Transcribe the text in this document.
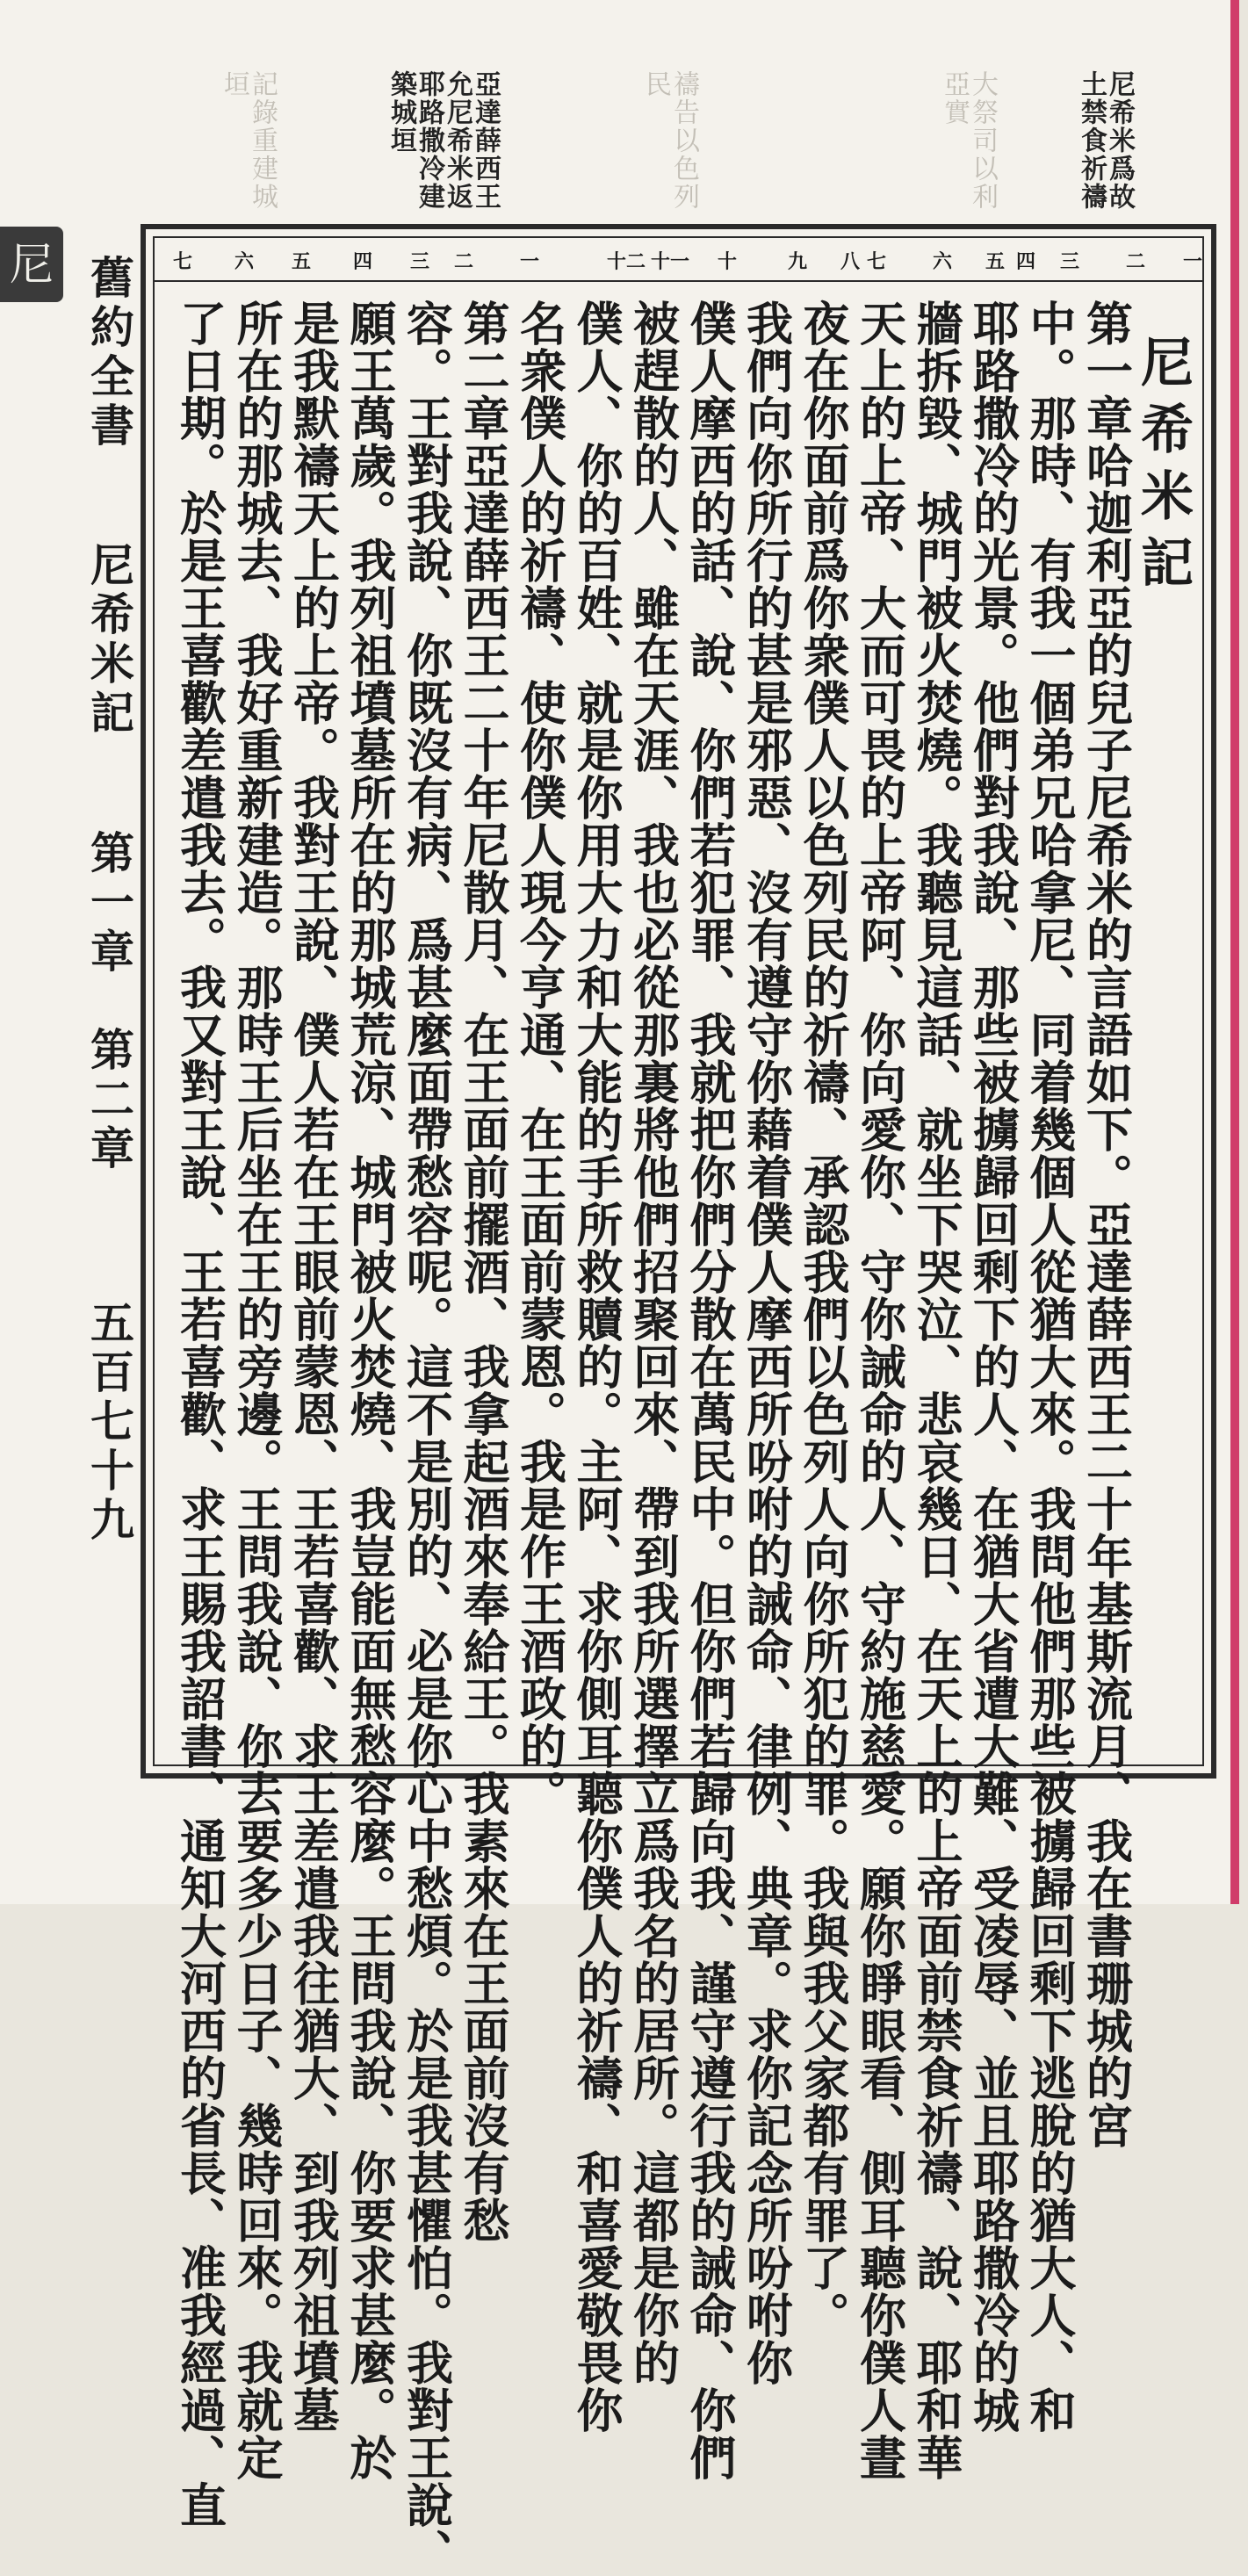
尼希米爲故土禁食祈禱
大祭司以利亞實
禱告以色列民
亞達薛西王允尼希米返耶路撒冷建築城垣
記錄重建城垣
尼 舊約全書 尼希米記 第一章　第二章 五百七十九
一
二
三
四
五
六
七
八
九
十
十一
十二
一
二
三
四
五
六
七
尼希米記
第一章哈迦利亞的兒子尼希米的言語如下。亞達薛西王二十年基斯流月、我在書珊城的宮
中。那時、有我一個弟兄哈拿尼、同着幾個人從猶大來。我問他們那些被擄歸回剩下逃脫的猶大人、和
耶路撒冷的光景。他們對我說、那些被擄歸回剩下的人、在猶大省遭大難、受凌辱、並且耶路撒冷的城
牆拆毀、城門被火焚燒。我聽見這話、就坐下哭泣、悲哀幾日、在天上的上帝面前禁食祈禱、說、耶和華
天上的上帝、大而可畏的上帝阿、你向愛你、守你誡命的人、守約施慈愛。願你睜眼看、側耳聽你僕人晝
夜在你面前爲你衆僕人以色列民的祈禱、承認我們以色列人向你所犯的罪。我與我父家都有罪了。
我們向你所行的甚是邪惡、沒有遵守你藉着僕人摩西所吩咐的誡命、律例、典章。求你記念所吩咐你
僕人摩西的話、說、你們若犯罪、我就把你們分散在萬民中。但你們若歸向我、謹守遵行我的誡命、你們
被趕散的人、雖在天涯、我也必從那裏將他們招聚回來、帶到我所選擇立爲我名的居所。這都是你的
僕人、你的百姓、就是你用大力和大能的手所救贖的。主阿、求你側耳聽你僕人的祈禱、和喜愛敬畏你
名衆僕人的祈禱、使你僕人現今亨通、在王面前蒙恩。我是作王酒政的。
第二章亞達薛西王二十年尼散月、在王面前擺酒、我拿起酒來奉給王。我素來在王面前沒有愁
容。王對我說、你既沒有病、爲甚麼面帶愁容呢。這不是別的、必是你心中愁煩。於是我甚懼怕。我對王說、
願王萬歲。我列祖墳墓所在的那城荒涼、城門被火焚燒、我豈能面無愁容麼。王問我說、你要求甚麼。於
是我默禱天上的上帝。我對王說、僕人若在王眼前蒙恩、王若喜歡、求王差遣我往猶大、到我列祖墳墓
所在的那城去、我好重新建造。那時王后坐在王的旁邊。王問我說、你去要多少日子、幾時回來。我就定
了日期。於是王喜歡差遣我去。我又對王說、王若喜歡、求王賜我詔書、通知大河西的省長、准我經過、直
